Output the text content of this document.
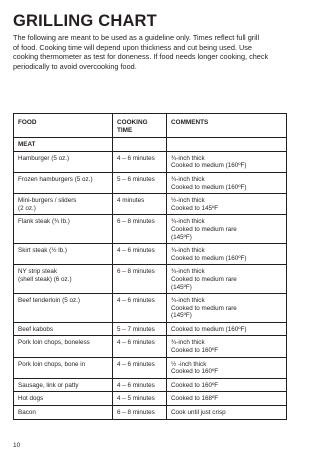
GRILLING CHART
The following are meant to be used as a guideline only. Times reflect full grill
of food. Cooking time will depend upon thickness and cut being used. Use
cooking thermometer as test for doneness. If food needs longer cooking, check
periodically to avoid overcooking food.
FOOD	COOKING TIME	COMMENTS
MEAT		

Hamburger (5 oz.)	4 – 6 minutes	¾-inch thick
Cooked to medium (160ºF)

Frozen hamburgers (5 oz.)	5 – 6 minutes	¾-inch thick
Cooked to medium (160ºF)

Mini-burgers / sliders
(2 oz.)	4 minutes	½-inch thick
Cooked to 145ºF

Flank steak (¾ lb.)	6 – 8 minutes	¾-inch thick
Cooked to medium rare
(145ºF)

Skirt steak (½ lb.)	4 – 6 minutes	¾-inch thick
Cooked to medium (160ºF)

NY strip steak
(shell steak) (6 oz.)	6 – 8 minutes	¾-inch thick
Cooked to medium rare
(145ºF)

Beef tenderloin (5 oz.)	4 – 6 minutes	¾-inch thick
Cooked to medium rare
(145ºF)

Beef kabobs	5 – 7 minutes	Cooked to medium (160ºF)

Pork loin chops, boneless	4 – 6 minutes	¾-inch thick
Cooked to 160ºF

Pork loin chops, bone in	4 – 6 minutes	½ -inch thick
Cooked to 160ºF

Sausage, link or patty	4 – 6 minutes	Cooked to 160ºF

Hot dogs	4 – 5 minutes	Cooked to 168ºF

Bacon	6 – 8 minutes	Cook until just crisp
10
